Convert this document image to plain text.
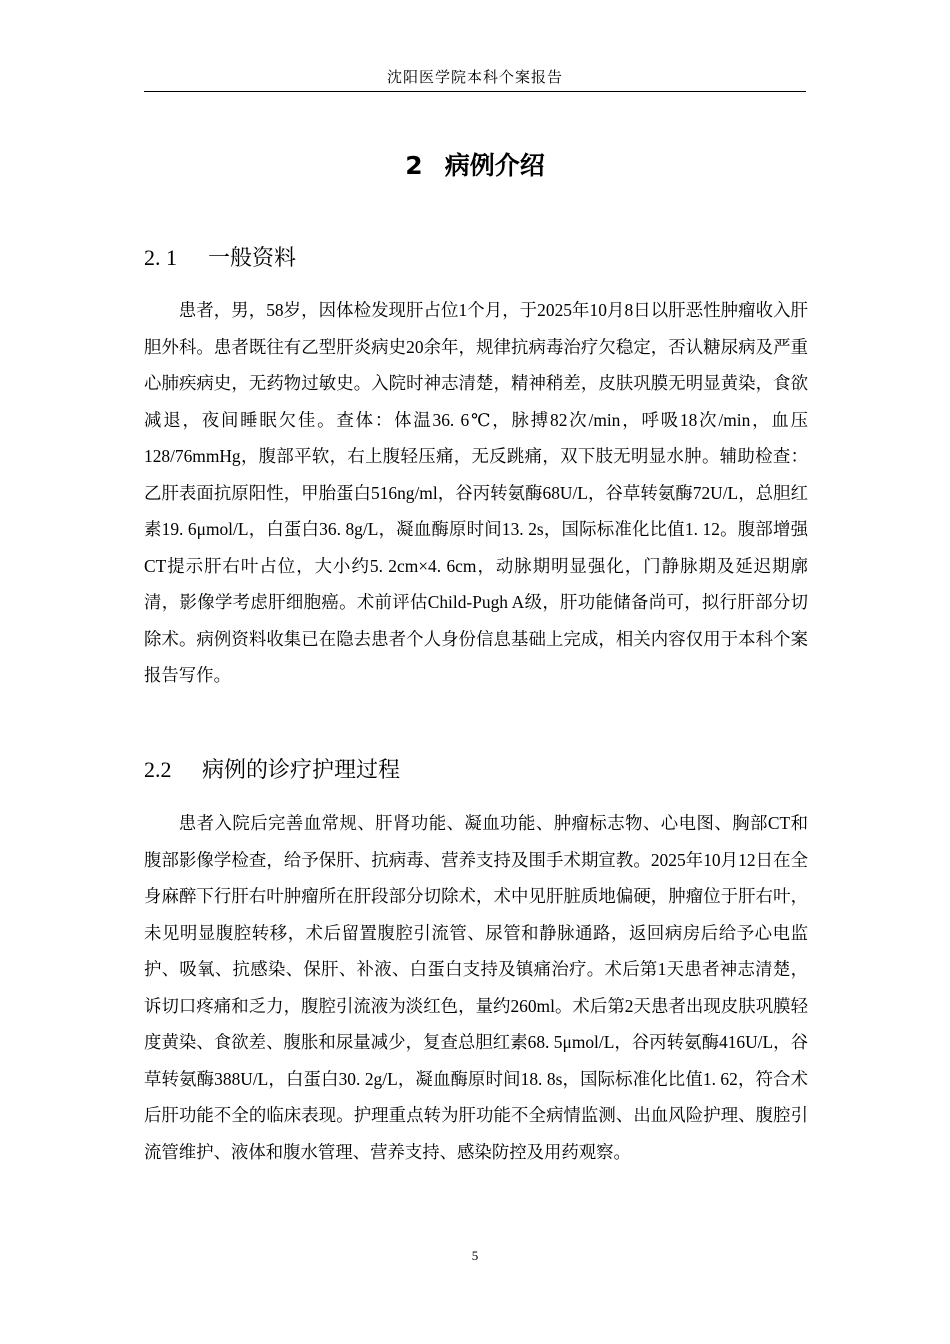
沈阳医学院本科个案报告
2 病例介绍
2. 1 一般资料

患者，男，58岁，因体检发现肝占位1个月，于2025年10月8日以肝恶性肿瘤收入肝胆外科。患者既往有乙型肝炎病史20余年，规律抗病毒治疗欠稳定，否认糖尿病及严重心肺疾病史，无药物过敏史。入院时神志清楚，精神稍差，皮肤巩膜无明显黄染，食欲减退，夜间睡眠欠佳。查体：体温36. 6℃，脉搏82次/min，呼吸18次/min，血压128/76mmHg，腹部平软，右上腹轻压痛，无反跳痛，双下肢无明显水肿。辅助检查：乙肝表面抗原阳性，甲胎蛋白516ng/ml，谷丙转氨酶68U/L，谷草转氨酶72U/L，总胆红素19. 6μmol/L，白蛋白36. 8g/L，凝血酶原时间13. 2s，国际标准化比值1. 12。腹部增强CT提示肝右叶占位，大小约5. 2cm×4. 6cm，动脉期明显强化，门静脉期及延迟期廓清，影像学考虑肝细胞癌。术前评估Child-Pugh A级，肝功能储备尚可，拟行肝部分切除术。病例资料收集已在隐去患者个人身份信息基础上完成，相关内容仅用于本科个案报告写作。

2.2 病例的诊疗护理过程

患者入院后完善血常规、肝肾功能、凝血功能、肿瘤标志物、心电图、胸部CT和腹部影像学检查，给予保肝、抗病毒、营养支持及围手术期宣教。2025年10月12日在全身麻醉下行肝右叶肿瘤所在肝段部分切除术，术中见肝脏质地偏硬，肿瘤位于肝右叶，未见明显腹腔转移，术后留置腹腔引流管、尿管和静脉通路，返回病房后给予心电监护、吸氧、抗感染、保肝、补液、白蛋白支持及镇痛治疗。术后第1天患者神志清楚，诉切口疼痛和乏力，腹腔引流液为淡红色，量约260ml。术后第2天患者出现皮肤巩膜轻度黄染、食欲差、腹胀和尿量减少，复查总胆红素68. 5μmol/L，谷丙转氨酶416U/L，谷草转氨酶388U/L，白蛋白30. 2g/L，凝血酶原时间18. 8s，国际标准化比值1. 62，符合术后肝功能不全的临床表现。护理重点转为肝功能不全病情监测、出血风险护理、腹腔引流管维护、液体和腹水管理、营养支持、感染防控及用药观察。

5
